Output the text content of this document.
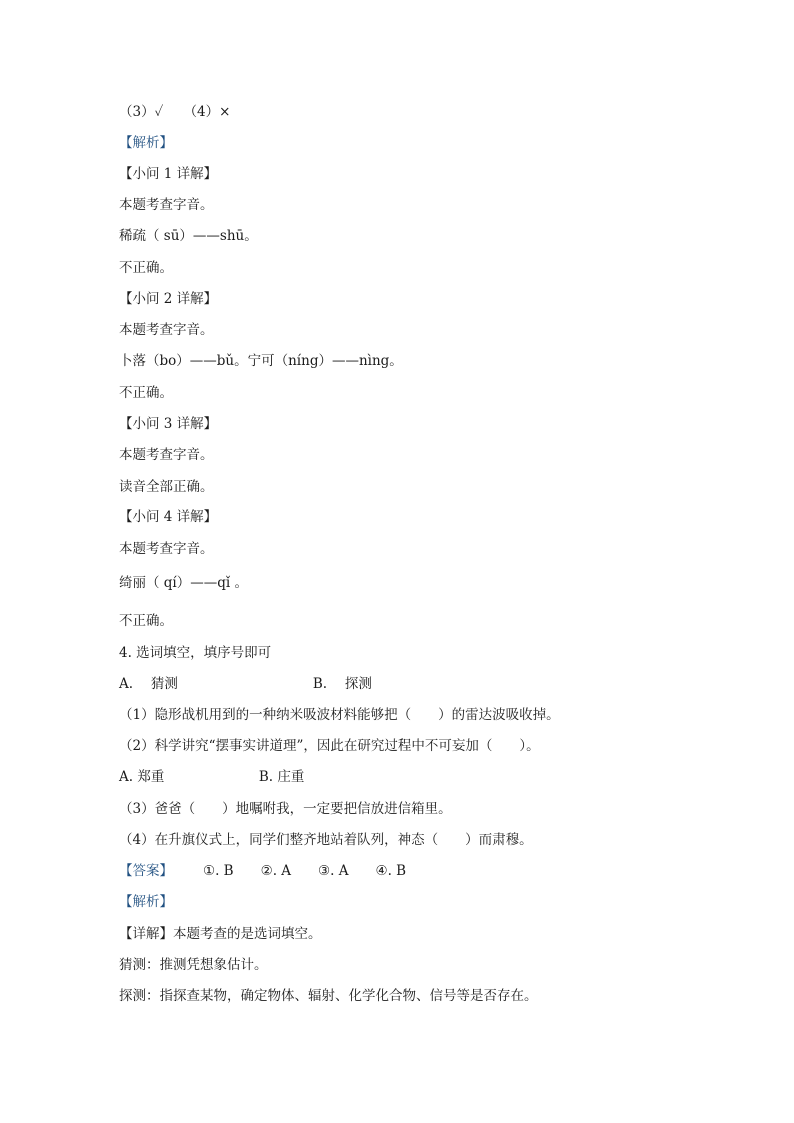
（3）✓　　（4）×
【解析】
【小问 1 详解】
本题考查字音。
稀疏（ sū）——shū。
不正确。
【小问 2 详解】
本题考查字音。
卜落（bo）——bǔ。宁可（níng）——nìng。
不正确。
【小问 3 详解】
本题考查字音。
读音全部正确。
【小问 4 详解】
本题考查字音。
绮丽（ qí）——qǐ 。
不正确。
4. 选词填空，填序号即可
A.　 猜测　　　　　　　　　　B.　 探测
（1）隐形战机用到的一种纳米吸波材料能够把（　　）的雷达波吸收掉。
（2）科学讲究“摆事实讲道理”，因此在研究过程中不可妄加（　　）。
A. 郑重　　　　　　　B. 庄重
（3）爸爸（　　）地嘱咐我，一定要把信放进信箱里。
（4）在升旗仪式上，同学们整齐地站着队列，神态（　　）而肃穆。
【答案】 ①. B　　②. A　　③. A　　④. B
【解析】
【详解】本题考查的是选词填空。
猜测：推测凭想象估计。
探测：指探查某物，确定物体、辐射、化学化合物、信号等是否存在。
